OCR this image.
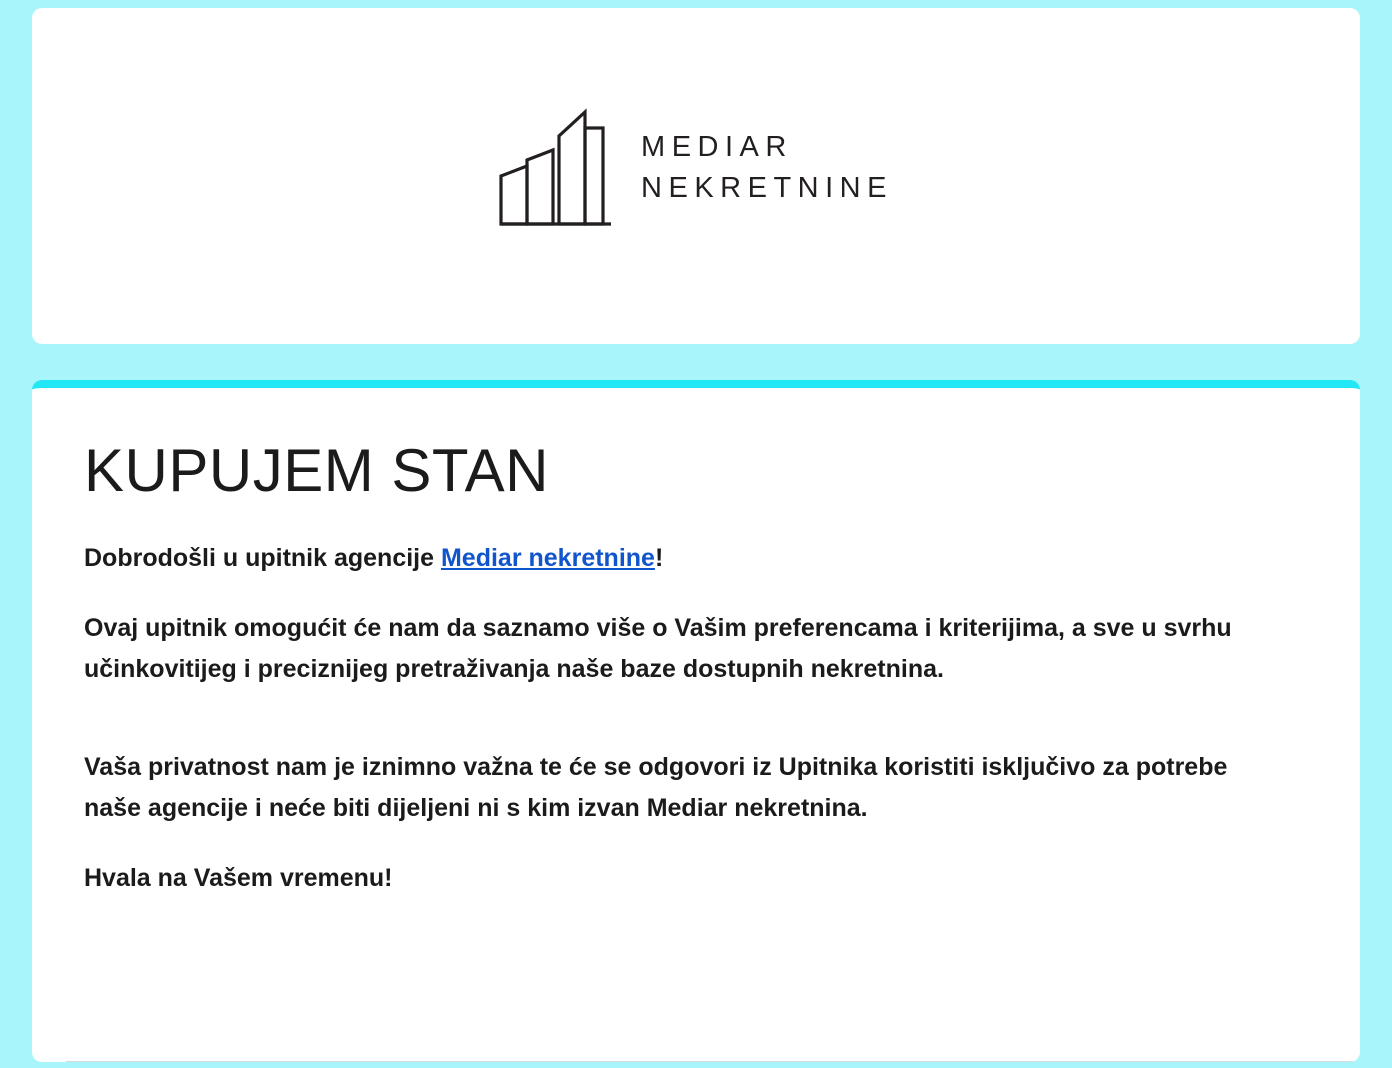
MEDIAR
NEKRETNINE
KUPUJEM STAN

Dobrodošli u upitnik agencije Mediar nekretnine!

Ovaj upitnik omogućit će nam da saznamo više o Vašim preferencama i kriterijima, a sve u svrhu učinkovitijeg i preciznijeg pretraživanja naše baze dostupnih nekretnina.

Vaša privatnost nam je iznimno važna te će se odgovori iz Upitnika koristiti isključivo za potrebe naše agencije i neće biti dijeljeni ni s kim izvan Mediar nekretnina.

Hvala na Vašem vremenu!
